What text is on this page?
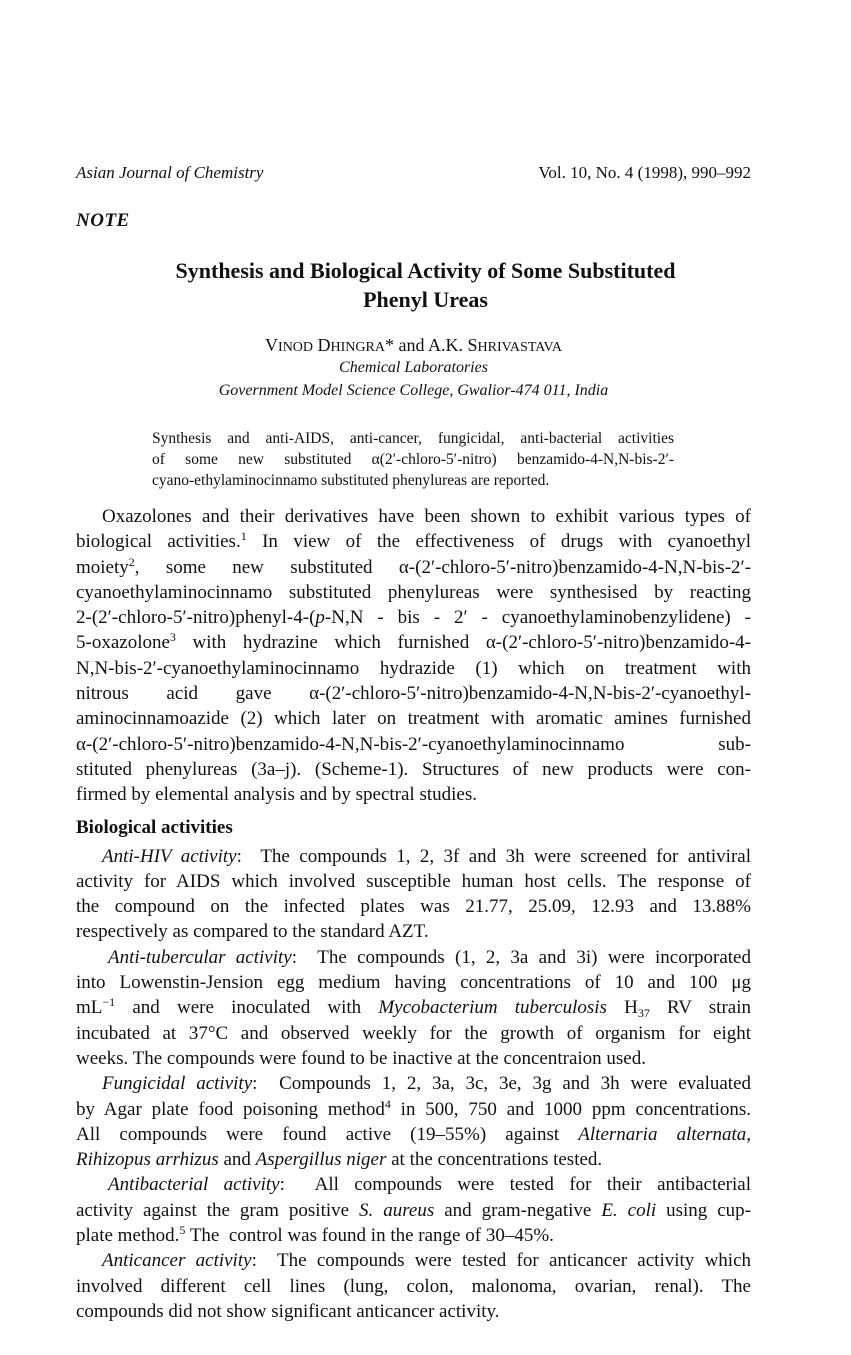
Asian Journal of Chemistry	Vol. 10, No. 4 (1998), 990–992
NOTE
Synthesis and Biological Activity of Some Substituted
Phenyl Ureas
VINOD DHINGRA* and A.K. SHRIVASTAVA
Chemical Laboratories
Government Model Science College, Gwalior-474 011, India
Synthesis and anti-AIDS, anti-cancer, fungicidal, anti-bacterial activities
of some new substituted α(2′-chloro-5′-nitro) benzamido-4-N,N-bis-2′-
cyano-ethylaminocinnamo substituted phenylureas are reported.
Oxazolones and their derivatives have been shown to exhibit various types of
biological activities.$^1$ In view of the effectiveness of drugs with cyanoethyl
moiety$^2$, some new substituted α-(2′-chloro-5′-nitro)benzamido-4-N,N-bis-2′-
cyanoethylaminocinnamo substituted phenylureas were synthesised by reacting
2-(2′-chloro-5′-nitro)phenyl-4-(p-N,N - bis - 2′ - cyanoethylaminobenzylidene) -
5-oxazolone$^3$ with hydrazine which furnished α-(2′-chloro-5′-nitro)benzamido-4-
N,N-bis-2′-cyanoethylaminocinnamo hydrazide (1) which on treatment with
nitrous acid gave α-(2′-chloro-5′-nitro)benzamido-4-N,N-bis-2′-cyanoethyl-
aminocinnamoazide (2) which later on treatment with aromatic amines furnished
α-(2′-chloro-5′-nitro)benzamido-4-N,N-bis-2′-cyanoethylaminocinnamo sub-
stituted phenylureas (3a–j). (Scheme-1). Structures of new products were con-
firmed by elemental analysis and by spectral studies.
Biological activities
Anti-HIV activity:  The compounds 1, 2, 3f and 3h were screened for antiviral
activity for AIDS which involved susceptible human host cells. The response of
the compound on the infected plates was 21.77, 25.09, 12.93 and 13.88%
respectively as compared to the standard AZT.
Anti-tubercular activity:  The compounds (1, 2, 3a and 3i) were incorporated
into Lowenstin-Jension egg medium having concentrations of 10 and 100 μg
$mL^{-1}$ and were inoculated with Mycobacterium tuberculosis $H_{37}$ RV strain
incubated at 37°C and observed weekly for the growth of organism for eight
weeks. The compounds were found to be inactive at the concentraion used.
Fungicidal activity:  Compounds 1, 2, 3a, 3c, 3e, 3g and 3h were evaluated
by Agar plate food poisoning method$^4$ in 500, 750 and 1000 ppm concentrations.
All compounds were found active (19–55%) against Alternaria alternata,
Rihizopus arrhizus and Aspergillus niger at the concentrations tested.
Antibacterial activity:  All compounds were tested for their antibacterial
activity against the gram positive S. aureus and gram-negative E. coli using cup-
plate method.$^5$ The  control was found in the range of 30–45%.
Anticancer activity:  The compounds were tested for anticancer activity which
involved different cell lines (lung, colon, malonoma, ovarian, renal). The
compounds did not show significant anticancer activity.
